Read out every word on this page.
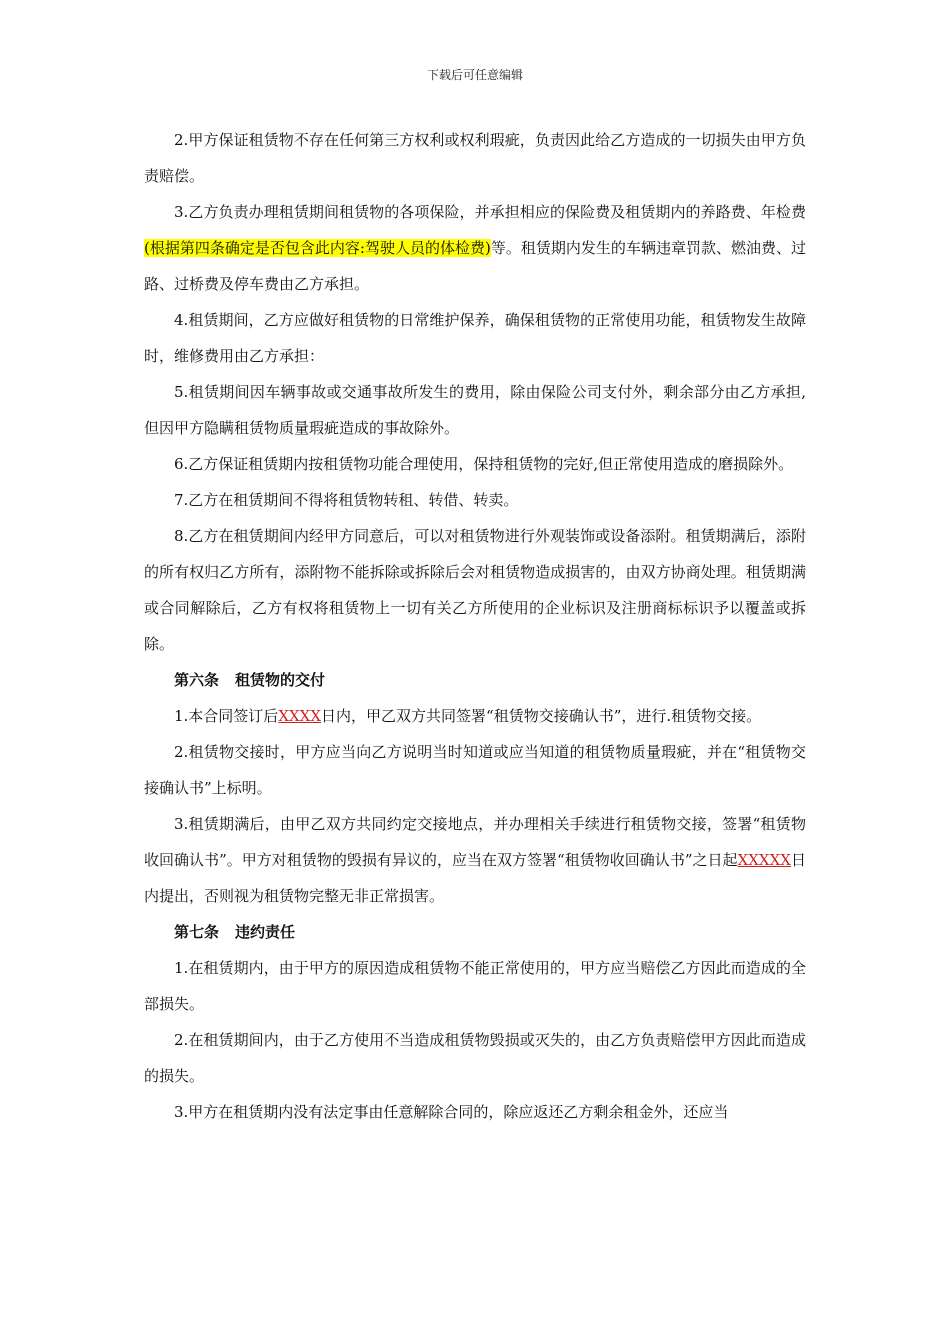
下载后可任意编辑

2.甲方保证租赁物不存在任何第三方权利或权利瑕疵，负责因此给乙方造成的一切损失由甲方负责赔偿。

3.乙方负责办理租赁期间租赁物的各项保险，并承担相应的保险费及租赁期内的养路费、年检费(根据第四条确定是否包含此内容:驾驶人员的体检费)等。租赁期内发生的车辆违章罚款、燃油费、过路、过桥费及停车费由乙方承担。

4.租赁期间，乙方应做好租赁物的日常维护保养，确保租赁物的正常使用功能，租赁物发生故障时，维修费用由乙方承担：

5.租赁期间因车辆事故或交通事故所发生的费用，除由保险公司支付外，剩余部分由乙方承担,但因甲方隐瞒租赁物质量瑕疵造成的事故除外。

6.乙方保证租赁期内按租赁物功能合理使用，保持租赁物的完好,但正常使用造成的磨损除外。

7.乙方在租赁期间不得将租赁物转租、转借、转卖。

8.乙方在租赁期间内经甲方同意后，可以对租赁物进行外观装饰或设备添附。租赁期满后，添附的所有权归乙方所有，添附物不能拆除或拆除后会对租赁物造成损害的，由双方协商处理。租赁期满或合同解除后，乙方有权将租赁物上一切有关乙方所使用的企业标识及注册商标标识予以覆盖或拆除。

第六条 租赁物的交付

1.本合同签订后XXXX日内，甲乙双方共同签署“租赁物交接确认书”，进行.租赁物交接。

2.租赁物交接时，甲方应当向乙方说明当时知道或应当知道的租赁物质量瑕疵，并在“租赁物交接确认书”上标明。

3.租赁期满后，由甲乙双方共同约定交接地点，并办理相关手续进行租赁物交接，签署“租赁物收回确认书”。甲方对租赁物的毁损有异议的，应当在双方签署“租赁物收回确认书”之日起XXXXX日内提出，否则视为租赁物完整无非正常损害。

第七条 违约责任

1.在租赁期内，由于甲方的原因造成租赁物不能正常使用的，甲方应当赔偿乙方因此而造成的全部损失。

2.在租赁期间内，由于乙方使用不当造成租赁物毁损或灭失的，由乙方负责赔偿甲方因此而造成的损失。

3.甲方在租赁期内没有法定事由任意解除合同的，除应返还乙方剩余租金外，还应当
